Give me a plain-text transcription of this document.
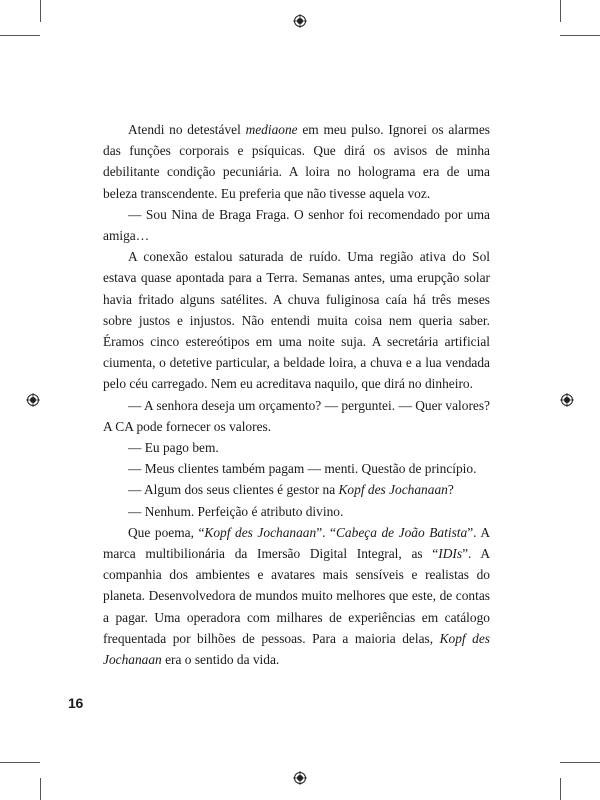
Atendi no detestável mediaone em meu pulso. Ignorei os alarmes das funções corporais e psíquicas. Que dirá os avisos de minha debilitante condição pecuniária. A loira no holograma era de uma beleza transcendente. Eu preferia que não tivesse aquela voz.

— Sou Nina de Braga Fraga. O senhor foi recomendado por uma amiga…

A conexão estalou saturada de ruído. Uma região ativa do Sol estava quase apontada para a Terra. Semanas antes, uma erupção solar havia fritado alguns satélites. A chuva fuliginosa caía há três meses sobre justos e injustos. Não entendi muita coisa nem queria saber. Éramos cinco estereótipos em uma noite suja. A secretária artificial ciumenta, o detetive particular, a beldade loira, a chuva e a lua vendada pelo céu carregado. Nem eu acreditava naquilo, que dirá no dinheiro.

— A senhora deseja um orçamento? — perguntei. — Quer valores? A CA pode fornecer os valores.

— Eu pago bem.

— Meus clientes também pagam — menti. Questão de princípio.

— Algum dos seus clientes é gestor na Kopf des Jochanaan?

— Nenhum. Perfeição é atributo divino.

Que poema, “Kopf des Jochanaan”. “Cabeça de João Batista”. A marca multibilionária da Imersão Digital Integral, as “IDIs”. A companhia dos ambientes e avatares mais sensíveis e realistas do planeta. Desenvolvedora de mundos muito melhores que este, de contas a pagar. Uma operadora com milhares de experiências em catálogo frequentada por bilhões de pessoas. Para a maioria delas, Kopf des Jochanaan era o sentido da vida.

16
